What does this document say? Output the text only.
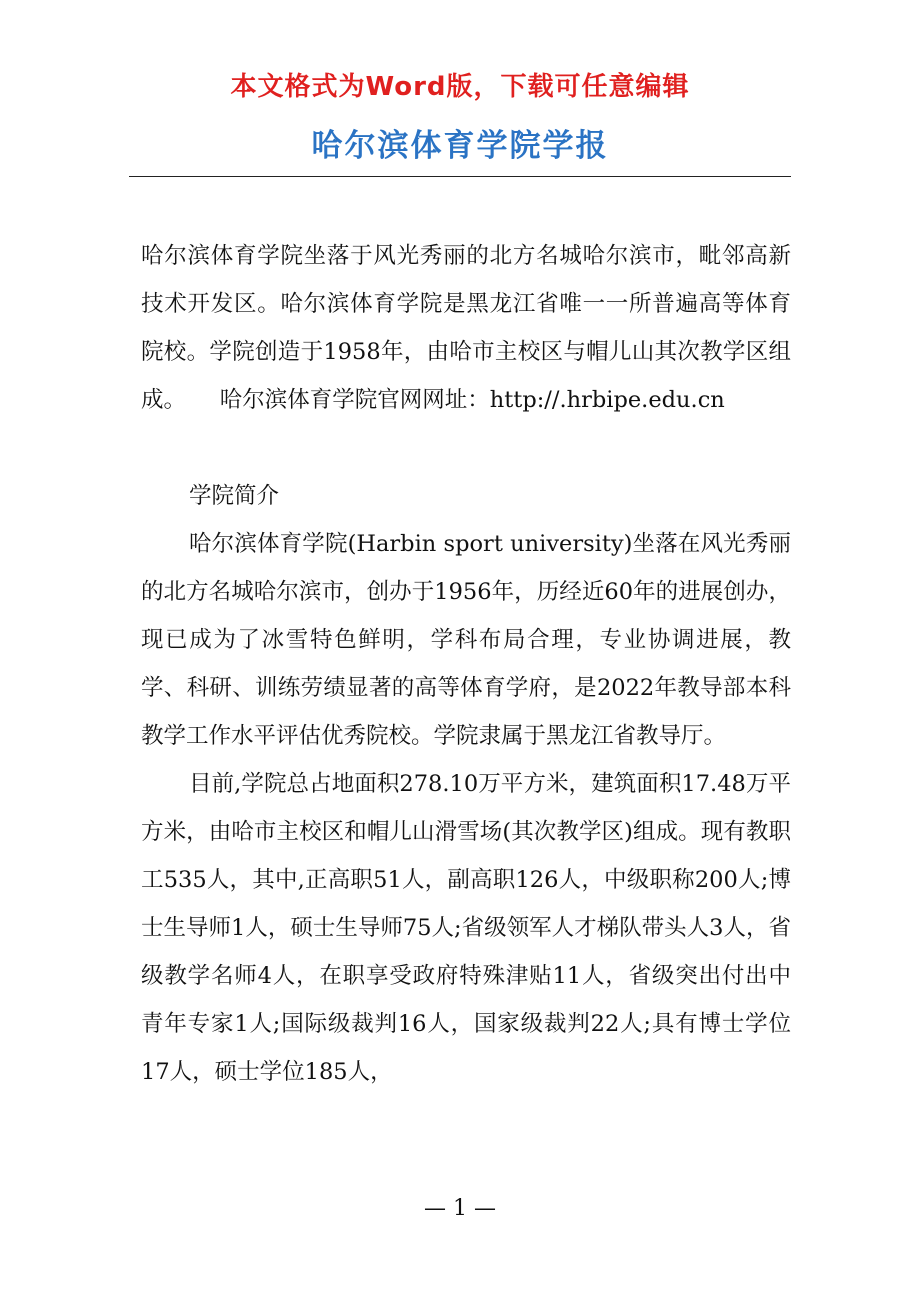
本文格式为Word版，下载可任意编辑
哈尔滨体育学院学报

哈尔滨体育学院坐落于风光秀丽的北方名城哈尔滨市，毗邻高新技术开发区。哈尔滨体育学院是黑龙江省唯一一所普遍高等体育院校。学院创造于1958年，由哈市主校区与帽儿山其次教学区组成。　　哈尔滨体育学院官网网址：http://.hrbipe.edu.cn

学院简介

哈尔滨体育学院(Harbin sport university)坐落在风光秀丽的北方名城哈尔滨市，创办于1956年，历经近60年的进展创办，现已成为了冰雪特色鲜明，学科布局合理，专业协调进展，教学、科研、训练劳绩显著的高等体育学府，是2022年教导部本科教学工作水平评估优秀院校。学院隶属于黑龙江省教导厅。

目前,学院总占地面积278.10万平方米，建筑面积17.48万平方米，由哈市主校区和帽儿山滑雪场(其次教学区)组成。现有教职工535人，其中,正高职51人，副高职126人，中级职称200人;博士生导师1人，硕士生导师75人;省级领军人才梯队带头人3人，省级教学名师4人，在职享受政府特殊津贴11人，省级突出付出中青年专家1人;国际级裁判16人，国家级裁判22人;具有博士学位17人，硕士学位185人，

— 1 —
